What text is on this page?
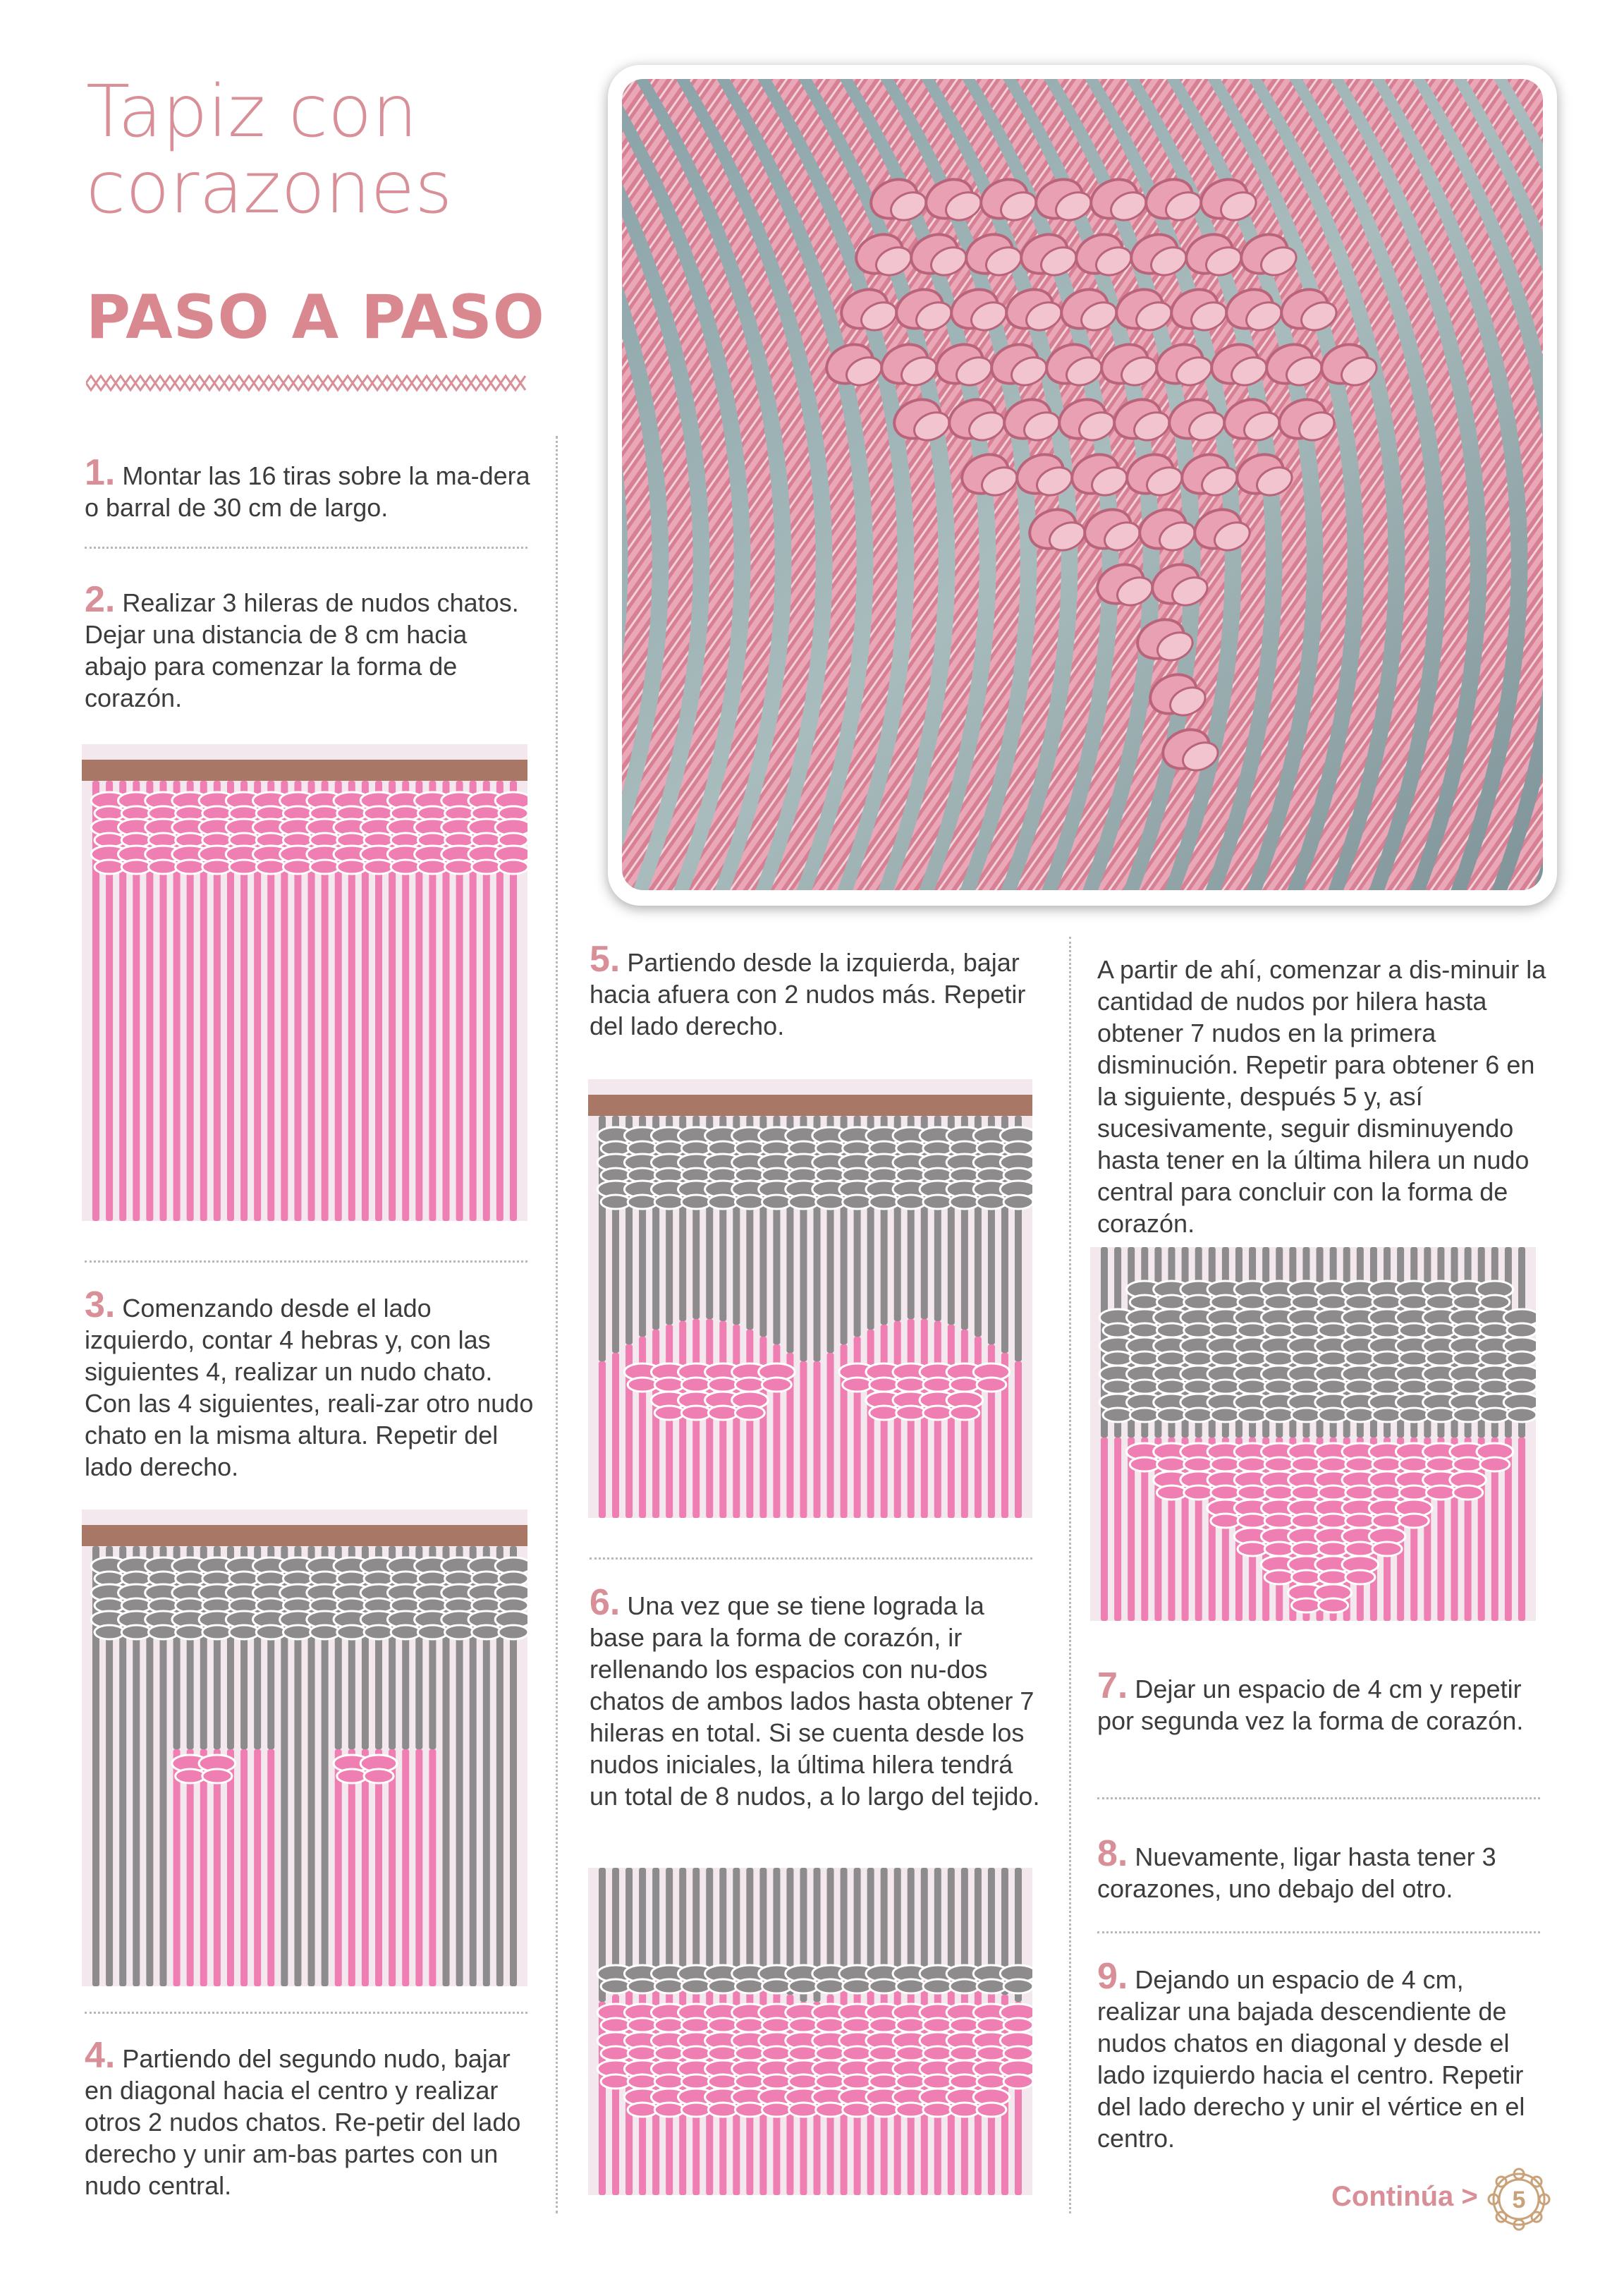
Tapiz con
corazones
PASO A PASO
1. Montar las 16 tiras sobre la ma-dera o barral de 30 cm de largo.
2. Realizar 3 hileras de nudos chatos. Dejar una distancia de 8 cm hacia abajo para comenzar la forma de corazón.
3. Comenzando desde el lado izquierdo, contar 4 hebras y, con las siguientes 4, realizar un nudo chato. Con las 4 siguientes, reali-zar otro nudo chato en la misma altura. Repetir del lado derecho.
4. Partiendo del segundo nudo, bajar en diagonal hacia el centro y realizar otros 2 nudos chatos. Re-petir del lado derecho y unir am-bas partes con un nudo central.
5. Partiendo desde la izquierda, bajar hacia afuera con 2 nudos más. Repetir del lado derecho.
6. Una vez que se tiene lograda la base para la forma de corazón, ir rellenando los espacios con nu-dos chatos de ambos lados hasta obtener 7 hileras en total. Si se cuenta desde los nudos iniciales, la última hilera tendrá un total de 8 nudos, a lo largo del tejido.
A partir de ahí, comenzar a dis-minuir la cantidad de nudos por hilera hasta obtener 7 nudos en la primera disminución. Repetir para obtener 6 en la siguiente, después 5 y, así sucesivamente, seguir disminuyendo hasta tener en la última hilera un nudo central para concluir con la forma de corazón.
7. Dejar un espacio de 4 cm y repetir por segunda vez la forma de corazón.
8. Nuevamente, ligar hasta tener 3 corazones, uno debajo del otro.
9. Dejando un espacio de 4 cm, realizar una bajada descendiente de nudos chatos en diagonal y desde el lado izquierdo hacia el centro. Repetir del lado derecho y unir el vértice en el centro.
Continúa > 5
